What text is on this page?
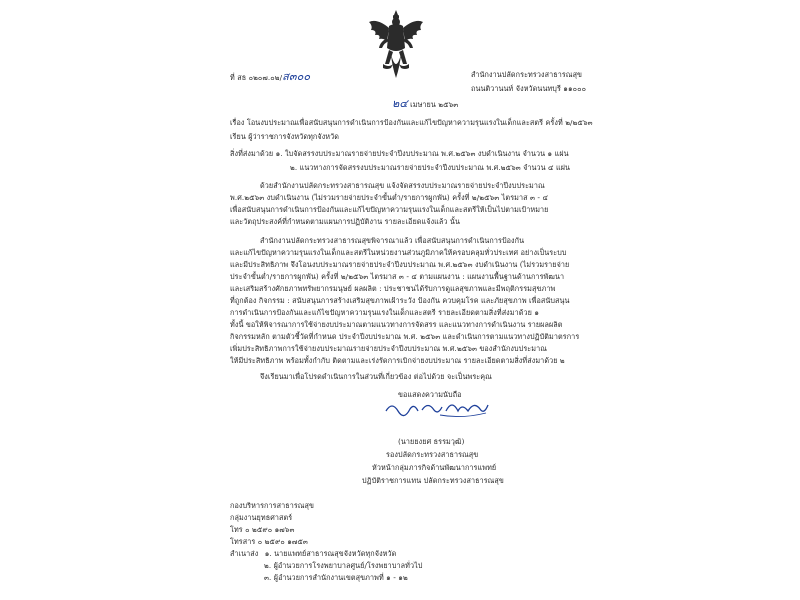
ที่ สธ ๐๒๐๗.๐๒/ส๓๐๐	สำนักงานปลัดกระทรวงสาธารณสุข
ถนนติวานนท์ จังหวัดนนทบุรี ๑๑๐๐๐
๒๔ เมษายน ๒๕๖๓
เรื่อง โอนงบประมาณเพื่อสนับสนุนการดำเนินการป้องกันและแก้ไขปัญหาความรุนแรงในเด็กและสตรี ครั้งที่ ๒/๒๕๖๓
เรียน ผู้ว่าราชการจังหวัดทุกจังหวัด
สิ่งที่ส่งมาด้วย ๑. ใบจัดสรรงบประมาณรายจ่ายประจำปีงบประมาณ พ.ศ.๒๕๖๓ งบดำเนินงาน จำนวน ๑ แผ่น
๒. แนวทางการจัดสรรงบประมาณรายจ่ายประจำปีงบประมาณ พ.ศ.๒๕๖๓ จำนวน ๔ แผ่น
ด้วยสำนักงานปลัดกระทรวงสาธารณสุข แจ้งจัดสรรงบประมาณรายจ่ายประจำปีงบประมาณ
พ.ศ.๒๕๖๓ งบดำเนินงาน (ไม่รวมรายจ่ายประจำขั้นต่ำ/รายการผูกพัน) ครั้งที่ ๒/๒๕๖๓ ไตรมาส ๓ - ๔
เพื่อสนับสนุนการดำเนินการป้องกันและแก้ไขปัญหาความรุนแรงในเด็กและสตรีให้เป็นไปตามเป้าหมาย
และวัตถุประสงค์ที่กำหนดตามแผนการปฏิบัติงาน รายละเอียดแจ้งแล้ว นั้น
สำนักงานปลัดกระทรวงสาธารณสุขพิจารณาแล้ว เพื่อสนับสนุนการดำเนินการป้องกัน
และแก้ไขปัญหาความรุนแรงในเด็กและสตรีในหน่วยงานส่วนภูมิภาคให้ครอบคลุมทั่วประเทศ อย่างเป็นระบบ
และมีประสิทธิภาพ จึงโอนงบประมาณรายจ่ายประจำปีงบประมาณ พ.ศ.๒๕๖๓ งบดำเนินงาน (ไม่รวมรายจ่าย
ประจำขั้นต่ำ/รายการผูกพัน) ครั้งที่ ๒/๒๕๖๓ ไตรมาส ๓ - ๔ ตามแผนงาน : แผนงานพื้นฐานด้านการพัฒนา
และเสริมสร้างศักยภาพทรัพยากรมนุษย์ ผลผลิต : ประชาชนได้รับการดูแลสุขภาพและมีพฤติกรรมสุขภาพ
ที่ถูกต้อง กิจกรรม : สนับสนุนการสร้างเสริมสุขภาพเฝ้าระวัง ป้องกัน ควบคุมโรค และภัยสุขภาพ เพื่อสนับสนุน
การดำเนินการป้องกันและแก้ไขปัญหาความรุนแรงในเด็กและสตรี รายละเอียดตามสิ่งที่ส่งมาด้วย ๑
ทั้งนี้ ขอให้พิจารณาการใช้จ่ายงบประมาณตามแนวทางการจัดสรร และแนวทางการดำเนินงาน รายผลผลิต
กิจกรรมหลัก ตามตัวชี้วัดที่กำหนด ประจำปีงบประมาณ พ.ศ. ๒๕๖๓ และดำเนินการตามแนวทางปฏิบัติมาตรการ
เพิ่มประสิทธิภาพการใช้จ่ายงบประมาณรายจ่ายประจำปีงบประมาณ พ.ศ.๒๕๖๓ ของสำนักงบประมาณ
ให้มีประสิทธิภาพ พร้อมทั้งกำกับ ติดตามและเร่งรัดการเบิกจ่ายงบประมาณ รายละเอียดตามสิ่งที่ส่งมาด้วย ๒
จึงเรียนมาเพื่อโปรดดำเนินการในส่วนที่เกี่ยวข้อง ต่อไปด้วย จะเป็นพระคุณ
ขอแสดงความนับถือ
(นายยงยศ ธรรมวุฒิ)
รองปลัดกระทรวงสาธารณสุข
หัวหน้ากลุ่มภารกิจด้านพัฒนาการแพทย์
ปฏิบัติราชการแทน ปลัดกระทรวงสาธารณสุข
กองบริหารการสาธารณสุข
กลุ่มงานยุทธศาสตร์
โทร ๐ ๒๕๙๐ ๑๗๖๓
โทรสาร ๐ ๒๕๙๐ ๑๗๕๓
สำเนาส่ง ๑. นายแพทย์สาธารณสุขจังหวัดทุกจังหวัด
๒. ผู้อำนวยการโรงพยาบาลศูนย์/โรงพยาบาลทั่วไป
๓. ผู้อำนวยการสำนักงานเขตสุขภาพที่ ๑ - ๑๒
